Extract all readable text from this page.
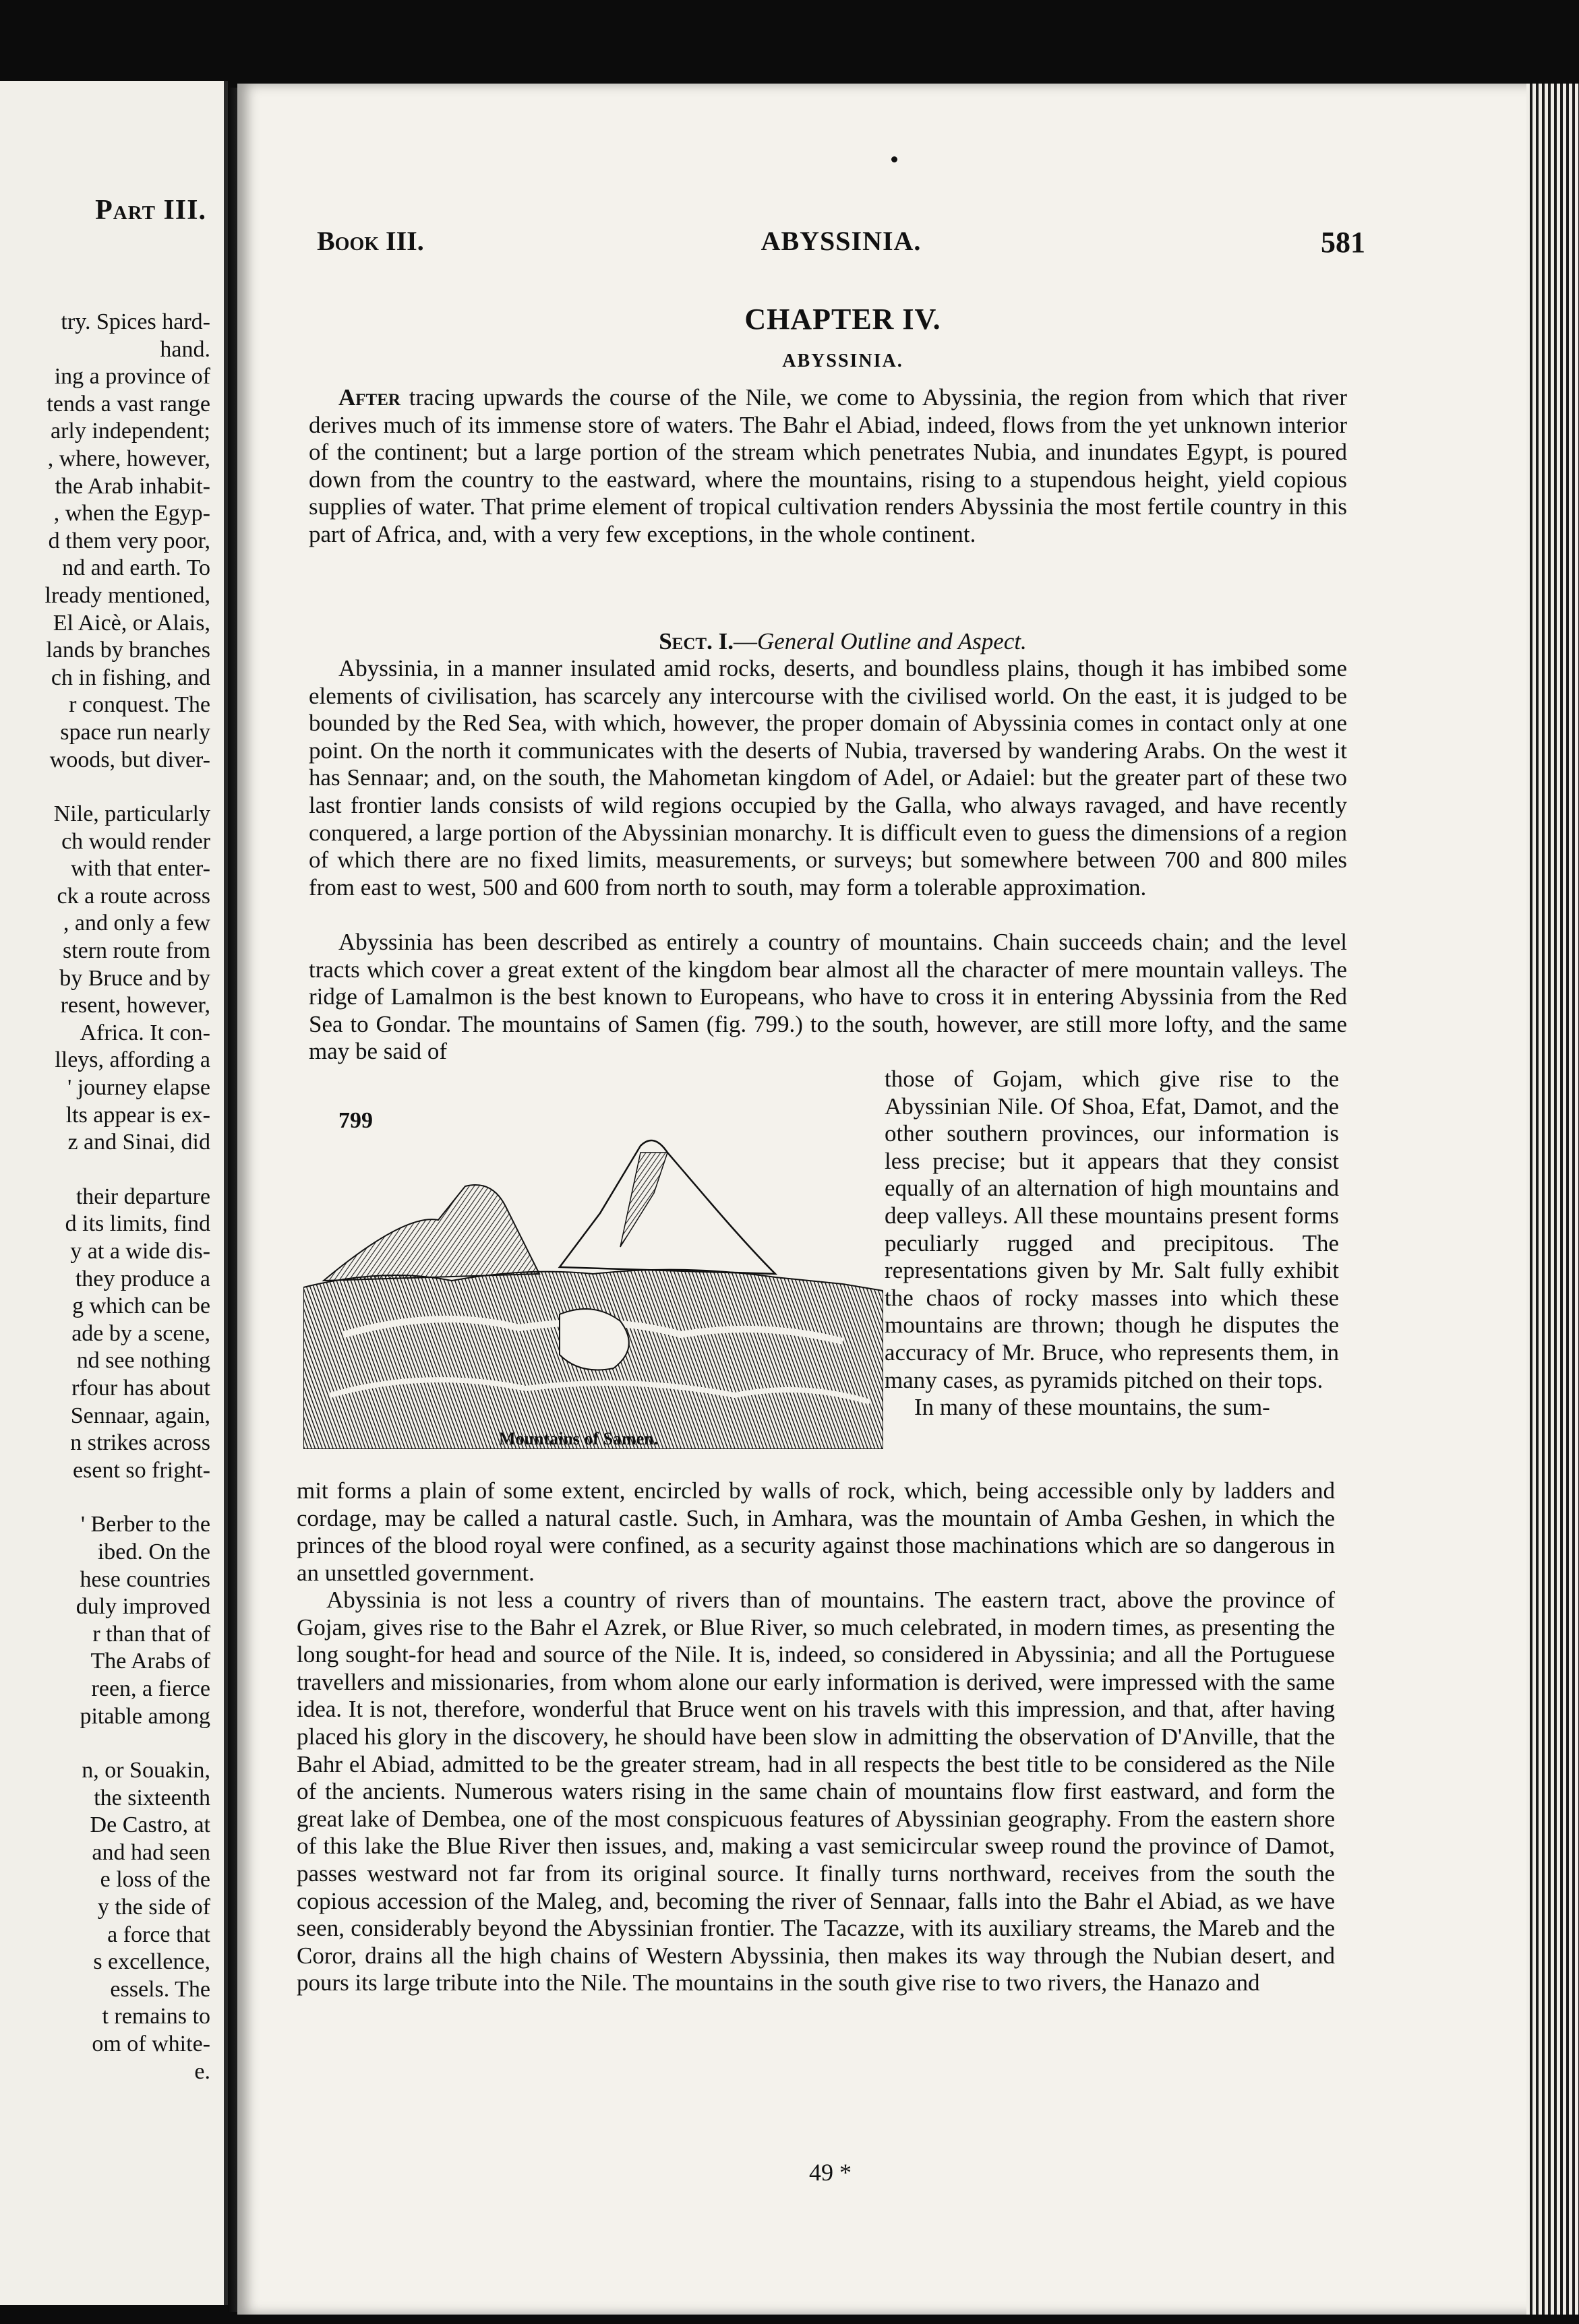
Part III.
try. Spices hard-
hand.
ing a province of
tends a vast range
arly independent;
, where, however,
the Arab inhabit-
, when the Egyp-
d them very poor,
nd and earth. To
lready mentioned,
El Aicè, or Alais,
lands by branches
ch in fishing, and
r conquest. The
space run nearly
woods, but diver-
Nile, particularly
ch would render
with that enter-
ck a route across
, and only a few
stern route from
by Bruce and by
resent, however,
Africa. It con-
lleys, affording a
' journey elapse
lts appear is ex-
z and Sinai, did
their departure
d its limits, find
y at a wide dis-
they produce a
g which can be
ade by a scene,
nd see nothing
rfour has about
Sennaar, again,
n strikes across
esent so fright-
' Berber to the
ibed. On the
hese countries
duly improved
r than that of
The Arabs of
reen, a fierce
pitable among
n, or Souakin,
the sixteenth
De Castro, at
and had seen
e loss of the
y the side of
a force that
s excellence,
essels. The
t remains to
om of white-
e.
Book III.	ABYSSINIA.	581
CHAPTER IV.
ABYSSINIA.

After tracing upwards the course of the Nile, we come to Abyssinia, the region from which that river derives much of its immense store of waters. The Bahr el Abiad, indeed, flows from the yet unknown interior of the continent; but a large portion of the stream which penetrates Nubia, and inundates Egypt, is poured down from the country to the eastward, where the mountains, rising to a stupendous height, yield copious supplies of water. That prime element of tropical cultivation renders Abyssinia the most fertile country in this part of Africa, and, with a very few exceptions, in the whole continent.

Sect. I.—General Outline and Aspect.

Abyssinia, in a manner insulated amid rocks, deserts, and boundless plains, though it has imbibed some elements of civilisation, has scarcely any intercourse with the civilised world. On the east, it is judged to be bounded by the Red Sea, with which, however, the proper domain of Abyssinia comes in contact only at one point. On the north it communicates with the deserts of Nubia, traversed by wandering Arabs. On the west it has Sennaar; and, on the south, the Mahometan kingdom of Adel, or Adaiel: but the greater part of these two last frontier lands consists of wild regions occupied by the Galla, who always ravaged, and have recently conquered, a large portion of the Abyssinian monarchy. It is difficult even to guess the dimensions of a region of which there are no fixed limits, measurements, or surveys; but somewhere between 700 and 800 miles from east to west, 500 and 600 from north to south, may form a tolerable approximation.

Abyssinia has been described as entirely a country of mountains. Chain succeeds chain; and the level tracts which cover a great extent of the kingdom bear almost all the character of mere mountain valleys. The ridge of Lamalmon is the best known to Europeans, who have to cross it in entering Abyssinia from the Red Sea to Gondar. The mountains of Samen (fig. 799.) to the south, however, are still more lofty, and the same may be said of

799
Mountains of Samen.
those of Gojam, which give rise to the Abyssinian Nile. Of Shoa, Efat, Damot, and the other southern provinces, our information is less precise; but it appears that they consist equally of an alternation of high mountains and deep valleys. All these mountains present forms peculiarly rugged and precipitous. The representations given by Mr. Salt fully exhibit the chaos of rocky masses into which these mountains are thrown; though he disputes the accuracy of Mr. Bruce, who represents them, in many cases, as pyramids pitched on their tops.
In many of these mountains, the sum-
mit forms a plain of some extent, encircled by walls of rock, which, being accessible only by ladders and cordage, may be called a natural castle. Such, in Amhara, was the mountain of Amba Geshen, in which the princes of the blood royal were confined, as a security against those machinations which are so dangerous in an unsettled government.

Abyssinia is not less a country of rivers than of mountains. The eastern tract, above the province of Gojam, gives rise to the Bahr el Azrek, or Blue River, so much celebrated, in modern times, as presenting the long sought-for head and source of the Nile. It is, indeed, so considered in Abyssinia; and all the Portuguese travellers and missionaries, from whom alone our early information is derived, were impressed with the same idea. It is not, therefore, wonderful that Bruce went on his travels with this impression, and that, after having placed his glory in the discovery, he should have been slow in admitting the observation of D'Anville, that the Bahr el Abiad, admitted to be the greater stream, had in all respects the best title to be considered as the Nile of the ancients. Numerous waters rising in the same chain of mountains flow first eastward, and form the great lake of Dembea, one of the most conspicuous features of Abyssinian geography. From the eastern shore of this lake the Blue River then issues, and, making a vast semicircular sweep round the province of Damot, passes westward not far from its original source. It finally turns northward, receives from the south the copious accession of the Maleg, and, becoming the river of Sennaar, falls into the Bahr el Abiad, as we have seen, considerably beyond the Abyssinian frontier. The Tacazze, with its auxiliary streams, the Mareb and the Coror, drains all the high chains of Western Abyssinia, then makes its way through the Nubian desert, and pours its large tribute into the Nile. The mountains in the south give rise to two rivers, the Hanazo and

49 *
